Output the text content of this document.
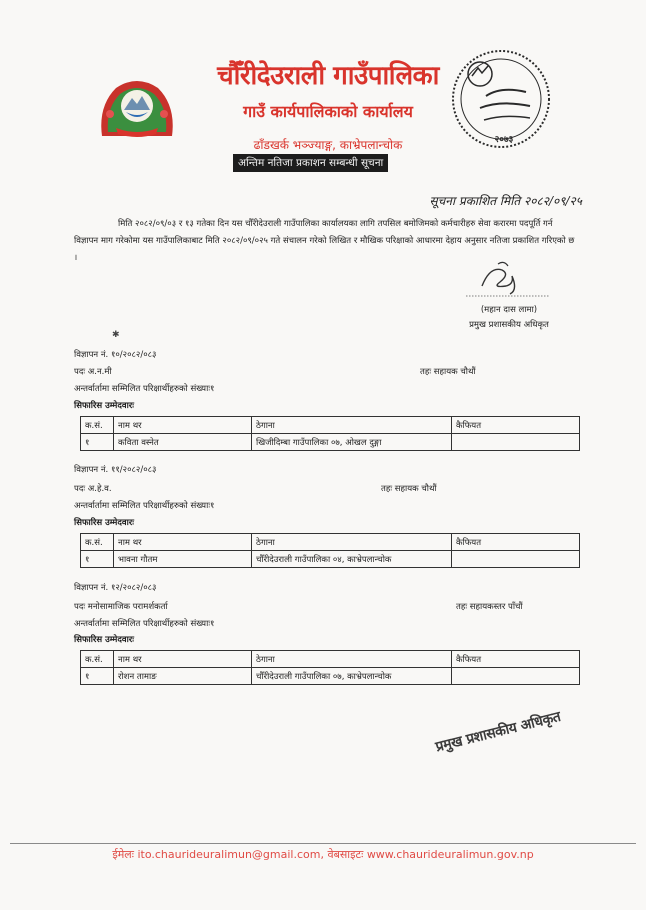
चौँरीदेउराली गाउँपालिका
गाउँ कार्यपालिकाको कार्यालय
ढाँडखर्क भञ्ज्याङ्ग, काभ्रेपलान्चोक
अन्तिम नतिजा प्रकाशन सम्बन्धी सूचना
२०७३
सूचना प्रकाशित मिति २०८२/०९/२५
मिति २०८२/०९/०३ र १३ गतेका दिन यस चौँरीदेउराली गाउँपालिका कार्यालयका लागि तपसिल बमोजिमको कर्मचारीहरु सेवा करारमा पदपूर्ति गर्न विज्ञापन माग गरेकोमा यस गाउँपालिकाबाट मिति २०८२/०९/०२५ गते संचालन गरेको लिखित र मौखिक परिक्षाको आधारमा देहाय अनुसार नतिजा प्रकाशित गरिएको छ ।
(महान दास लामा)
प्रमुख प्रशासकीय अधिकृत
✱
विज्ञापन नं. १०/२०८२/०८३
पदः अ.न.मी	तहः सहायक चौथौं
अन्तर्वार्तामा सम्मिलित परिक्षार्थीहरुको संख्याः१
सिफारिस उम्मेदवारः
क.सं.	नाम थर	ठेगाना	कैफियत
१	कविता वस्नेत	खिजीदिम्बा गाउँपालिका ०७, ओखल दुङ्गा	
विज्ञापन नं. ११/२०८२/०८३
पदः अ.हे.व.	तहः सहायक चौथौं
अन्तर्वार्तामा सम्मिलित परिक्षार्थीहरुको संख्याः१
सिफारिस उम्मेदवारः
क.सं.	नाम थर	ठेगाना	कैफियत
१	भावना गौतम	चौँरीदेउराली गाउँपालिका ०४, काभ्रेपलान्चोक	
विज्ञापन नं. १२/२०८२/०८३
पदः मनोसामाजिक परामर्शकर्ता	तहः सहायकस्तर पाँचौं
अन्तर्वार्तामा सम्मिलित परिक्षार्थीहरुको संख्याः१
सिफारिस उम्मेदवारः
क.सं.	नाम थर	ठेगाना	कैफियत
१	रोशन तामाङ	चौँरीदेउराली गाउँपालिका ०७, काभ्रेपलान्चोक	
प्रमुख प्रशासकीय अधिकृत
ईमेलः ito.chaurideuralimun@gmail.com, वेबसाइटः www.chaurideuralimun.gov.np
